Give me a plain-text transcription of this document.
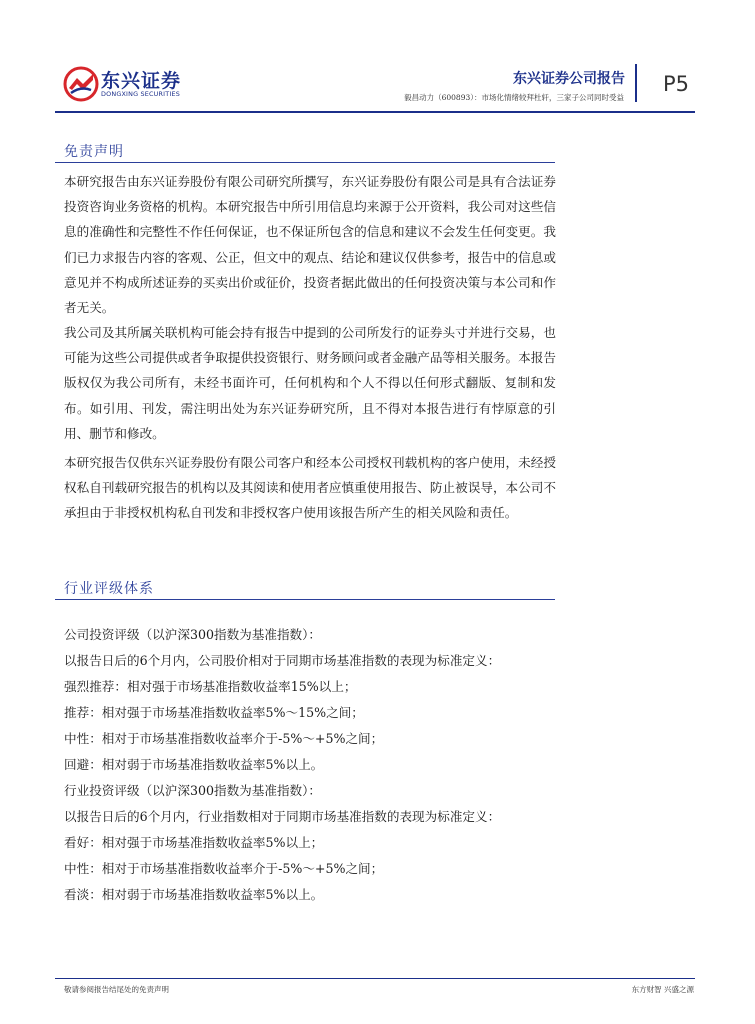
东兴证券
DONGXING SECURITIES
东兴证券公司报告
毅昌动力（600893）：市场化情绪较拜杜轩，三家子公司同时受益
P5
免责声明
本研究报告由东兴证券股份有限公司研究所撰写，东兴证券股份有限公司是具有合法证券投资咨询业务资格的机构。本研究报告中所引用信息均来源于公开资料，我公司对这些信息的准确性和完整性不作任何保证，也不保证所包含的信息和建议不会发生任何变更。我们已力求报告内容的客观、公正，但文中的观点、结论和建议仅供参考，报告中的信息或意见并不构成所述证券的买卖出价或征价，投资者据此做出的任何投资决策与本公司和作者无关。
我公司及其所属关联机构可能会持有报告中提到的公司所发行的证券头寸并进行交易，也可能为这些公司提供或者争取提供投资银行、财务顾问或者金融产品等相关服务。本报告版权仅为我公司所有，未经书面许可，任何机构和个人不得以任何形式翻版、复制和发布。如引用、刊发，需注明出处为东兴证券研究所，且不得对本报告进行有悖原意的引用、删节和修改。
本研究报告仅供东兴证券股份有限公司客户和经本公司授权刊载机构的客户使用，未经授权私自刊载研究报告的机构以及其阅读和使用者应慎重使用报告、防止被误导，本公司不承担由于非授权机构私自刊发和非授权客户使用该报告所产生的相关风险和责任。
行业评级体系
公司投资评级（以沪深300指数为基准指数）：
以报告日后的6个月内，公司股价相对于同期市场基准指数的表现为标准定义：
强烈推荐：相对强于市场基准指数收益率15%以上；
推荐：相对强于市场基准指数收益率5%～15%之间；
中性：相对于市场基准指数收益率介于-5%～+5%之间；
回避：相对弱于市场基准指数收益率5%以上。
行业投资评级（以沪深300指数为基准指数）：
以报告日后的6个月内，行业指数相对于同期市场基准指数的表现为标准定义：
看好：相对强于市场基准指数收益率5%以上；
中性：相对于市场基准指数收益率介于-5%～+5%之间；
看淡：相对弱于市场基准指数收益率5%以上。
敬请参阅报告结尾处的免责声明	东方财智 兴盛之源
